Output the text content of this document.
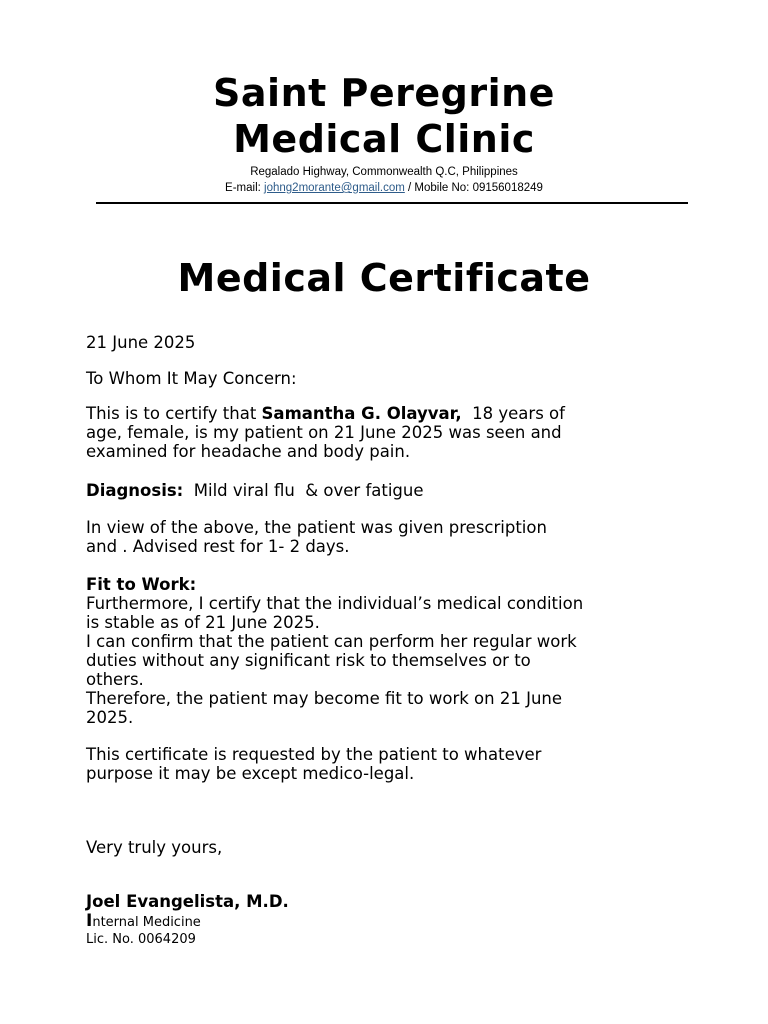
Saint Peregrine
Medical Clinic
Regalado Highway, Commonwealth Q.C, Philippines
E-mail: johng2morante@gmail.com / Mobile No: 09156018249
Medical Certificate
21 June 2025
To Whom It May Concern:
This is to certify that Samantha G. Olayvar,  18 years of
age, female, is my patient on 21 June 2025 was seen and
examined for headache and body pain.
Diagnosis:  Mild viral flu  & over fatigue
In view of the above, the patient was given prescription
and . Advised rest for 1- 2 days.
Fit to Work:
Furthermore, I certify that the individual’s medical condition
is stable as of 21 June 2025.
I can confirm that the patient can perform her regular work
duties without any significant risk to themselves or to
others.
Therefore, the patient may become fit to work on 21 June
2025.
This certificate is requested by the patient to whatever
purpose it may be except medico-legal.
Very truly yours,
Joel Evangelista, M.D.
Internal Medicine
Lic. No. 0064209
